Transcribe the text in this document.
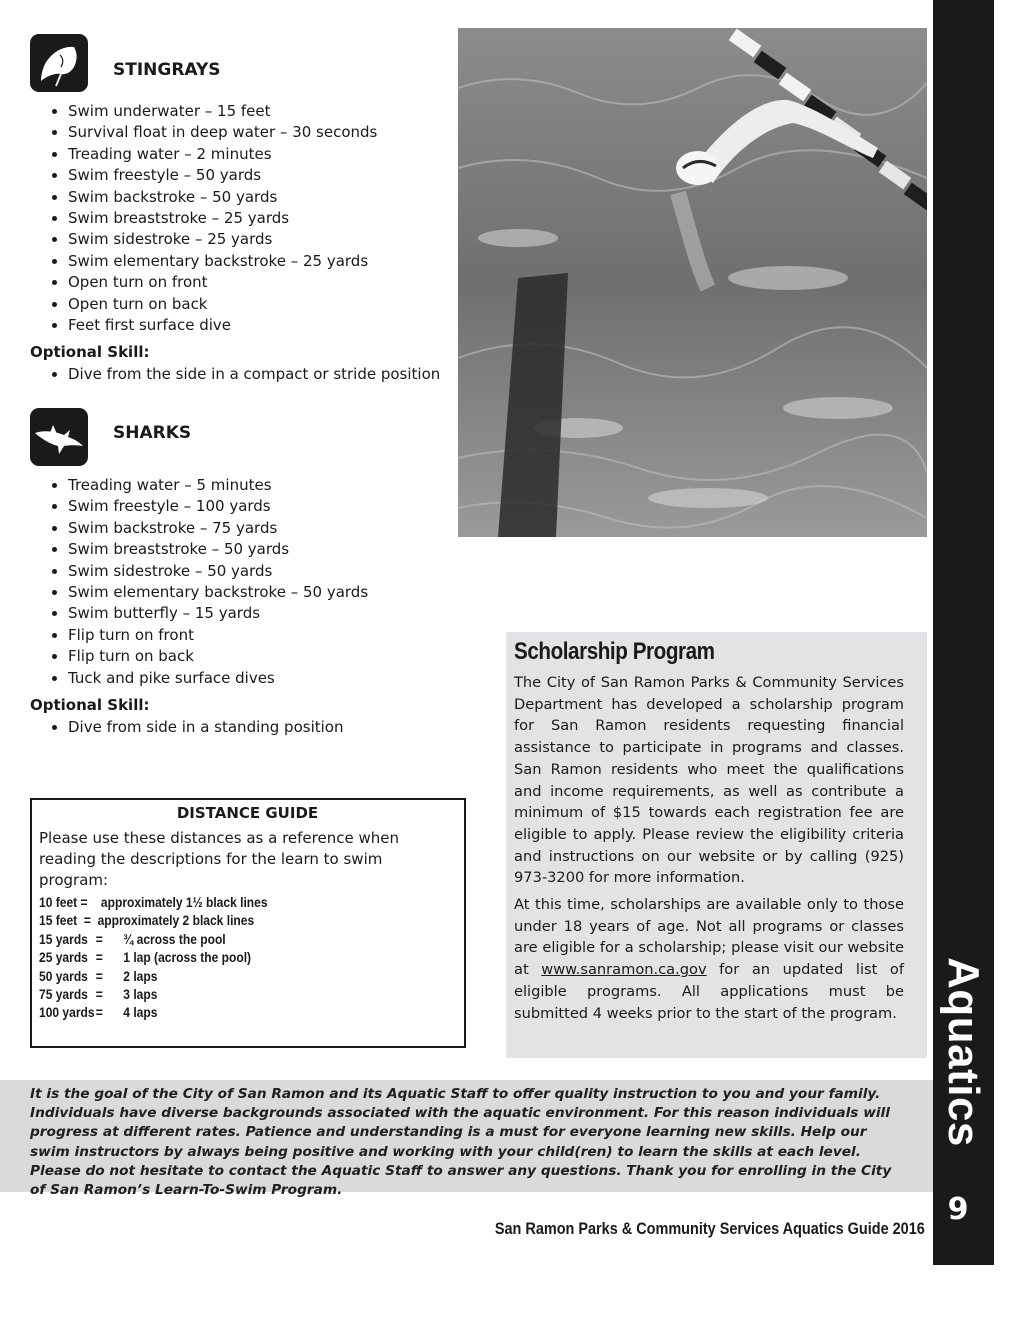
STINGRAYS
• Swim underwater – 15 feet
• Survival float in deep water – 30 seconds
• Treading water – 2 minutes
• Swim freestyle – 50 yards
• Swim backstroke – 50 yards
• Swim breaststroke – 25 yards
• Swim sidestroke – 25 yards
• Swim elementary backstroke – 25 yards
• Open turn on front
• Open turn on back
• Feet first surface dive
Optional Skill:
• Dive from the side in a compact or stride position
SHARKS
• Treading water – 5 minutes
• Swim freestyle – 100 yards
• Swim backstroke – 75 yards
• Swim breaststroke – 50 yards
• Swim sidestroke – 50 yards
• Swim elementary backstroke – 50 yards
• Swim butterfly – 15 yards
• Flip turn on front
• Flip turn on back
• Tuck and pike surface dives
Optional Skill:
• Dive from side in a standing position
Aquatics
9
Scholarship Program

The City of San Ramon Parks & Community Services Department has developed a scholarship program for San Ramon residents requesting financial assistance to participate in programs and classes. San Ramon residents who meet the qualifications and income requirements, as well as contribute a minimum of $15 towards each registration fee are eligible to apply. Please review the eligibility criteria and instructions on our website or by calling (925) 973-3200 for more information.

At this time, scholarships are available only to those under 18 years of age. Not all programs or classes are eligible for a scholarship; please visit our website at www.sanramon.ca.gov for an updated list of eligible programs. All applications must be submitted 4 weeks prior to the start of the program.

DISTANCE GUIDE

Please use these distances as a reference when reading the descriptions for the learn to swim program:

10 feet = approximately 1½ black lines
15 feet = approximately 2 black lines
15 yards = ¾ across the pool
25 yards = 1 lap (across the pool)
50 yards = 2 laps
75 yards = 3 laps
100 yards= 4 laps

It is the goal of the City of San Ramon and its Aquatic Staff to offer quality instruction to you and your family. Individuals have diverse backgrounds associated with the aquatic environment. For this reason individuals will progress at different rates. Patience and understanding is a must for everyone learning new skills. Help our swim instructors by always being positive and working with your child(ren) to learn the skills at each level. Please do not hesitate to contact the Aquatic Staff to answer any questions. Thank you for enrolling in the City of San Ramon’s Learn-To-Swim Program.

San Ramon Parks & Community Services Aquatics Guide 2016
